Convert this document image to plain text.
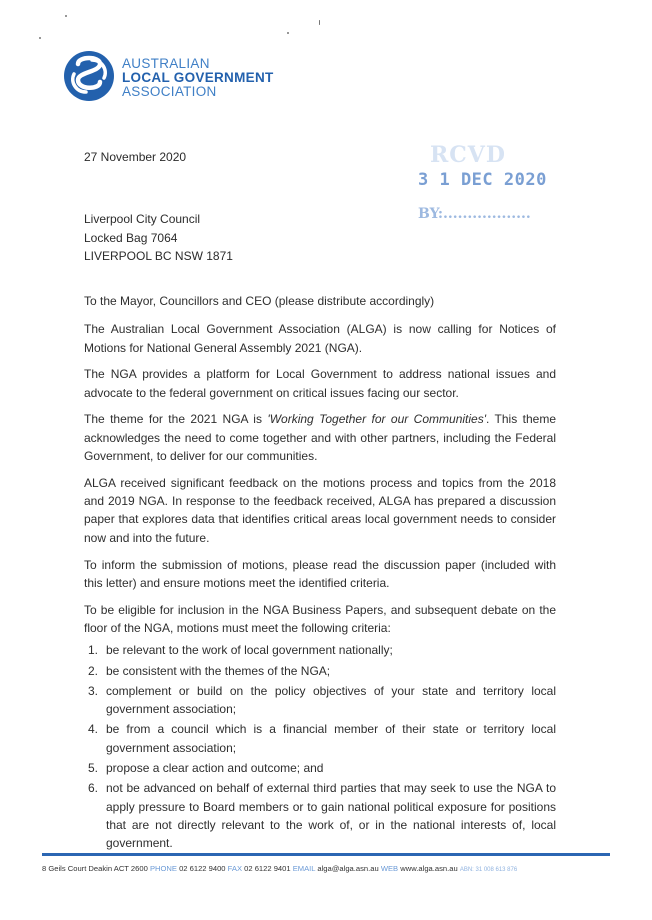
AUSTRALIAN
LOCAL GOVERNMENT
ASSOCIATION
27 November 2020	RCVD
3 1 DEC 2020
BY:..................
Liverpool City Council
Locked Bag 7064
LIVERPOOL BC NSW 1871

To the Mayor, Councillors and CEO (please distribute accordingly)

The Australian Local Government Association (ALGA) is now calling for Notices of Motions for National General Assembly 2021 (NGA).

The NGA provides a platform for Local Government to address national issues and advocate to the federal government on critical issues facing our sector.

The theme for the 2021 NGA is 'Working Together for our Communities'. This theme acknowledges the need to come together and with other partners, including the Federal Government, to deliver for our communities.

ALGA received significant feedback on the motions process and topics from the 2018 and 2019 NGA. In response to the feedback received, ALGA has prepared a discussion paper that explores data that identifies critical areas local government needs to consider now and into the future.

To inform the submission of motions, please read the discussion paper (included with this letter) and ensure motions meet the identified criteria.

To be eligible for inclusion in the NGA Business Papers, and subsequent debate on the floor of the NGA, motions must meet the following criteria:

1. be relevant to the work of local government nationally;
2. be consistent with the themes of the NGA;
3. complement or build on the policy objectives of your state and territory local government association;
4. be from a council which is a financial member of their state or territory local government association;
5. propose a clear action and outcome; and
6. not be advanced on behalf of external third parties that may seek to use the NGA to apply pressure to Board members or to gain national political exposure for positions that are not directly relevant to the work of, or in the national interests of, local government.
8 Geils Court Deakin ACT 2600 PHONE 02 6122 9400 FAX 02 6122 9401 EMAIL alga@alga.asn.au WEB www.alga.asn.au ABN: 31 008 613 876
